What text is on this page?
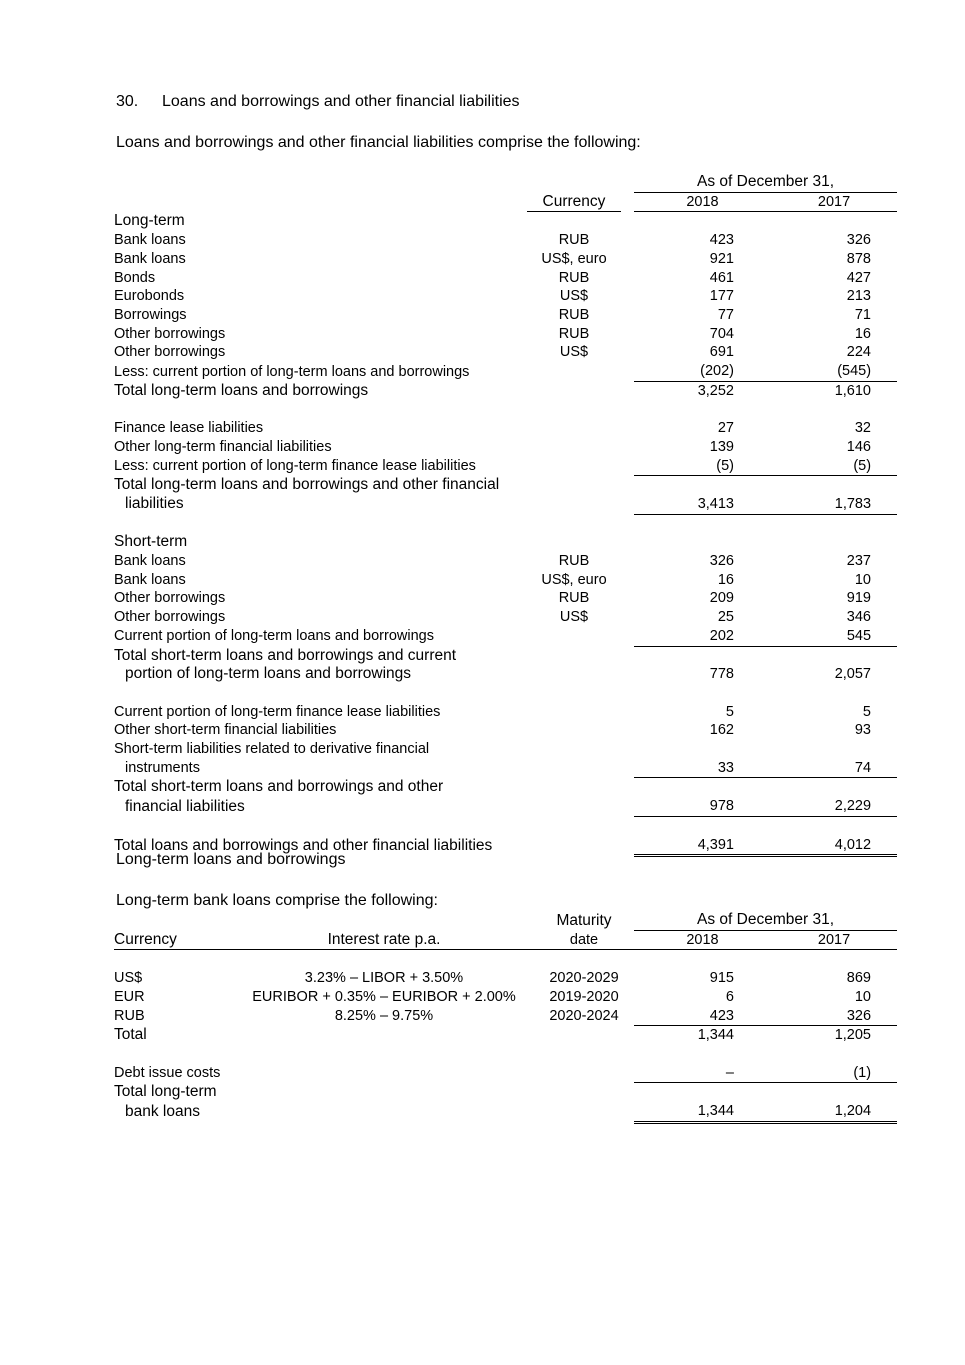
30. Loans and borrowings and other financial liabilities
Loans and borrowings and other financial liabilities comprise the following:
			As of December 31,			
	Currency		2018		2017	
Long-term						
Bank loans	RUB		423		326	
Bank loans	US$, euro		921		878	
Bonds	RUB		461		427	
Eurobonds	US$		177		213	
Borrowings	RUB		77		71	
Other borrowings	RUB		704		16	
Other borrowings	US$		691		224	
Less: current portion of long-term loans and borrowings			(202)		(545)	
Total long-term loans and borrowings			3,252		1,610	

Finance lease liabilities			27		32	
Other long-term financial liabilities			139		146	
Less: current portion of long-term finance lease liabilities			(5)		(5)	
Total long-term loans and borrowings and other financial						
liabilities			3,413		1,783	

Short-term						
Bank loans	RUB		326		237	
Bank loans	US$, euro		16		10	
Other borrowings	RUB		209		919	
Other borrowings	US$		25		346	
Current portion of long-term loans and borrowings			202		545	
Total short-term loans and borrowings and current						
portion of long-term loans and borrowings			778		2,057	

Current portion of long-term finance lease liabilities			5		5	
Other short-term financial liabilities			162		93	
Short-term liabilities related to derivative financial						
instruments			33		74	
Total short-term loans and borrowings and other						
financial liabilities			978		2,229	

Total loans and borrowings and other financial liabilities			4,391		4,012	
Long-term loans and borrowings
Long-term bank loans comprise the following:
		Maturity	As of December 31,			
Currency	Interest rate p.a.	date	2018		2017	

US$	3.23% – LIBOR + 3.50%	2020-2029	915		869	
EUR	EURIBOR + 0.35% – EURIBOR + 2.00%	2019-2020	6		10	
RUB	8.25% – 9.75%	2020-2024	423		326	
Total			1,344		1,205	

Debt issue costs			–		(1)	
Total long-term						
bank loans			1,344		1,204	
